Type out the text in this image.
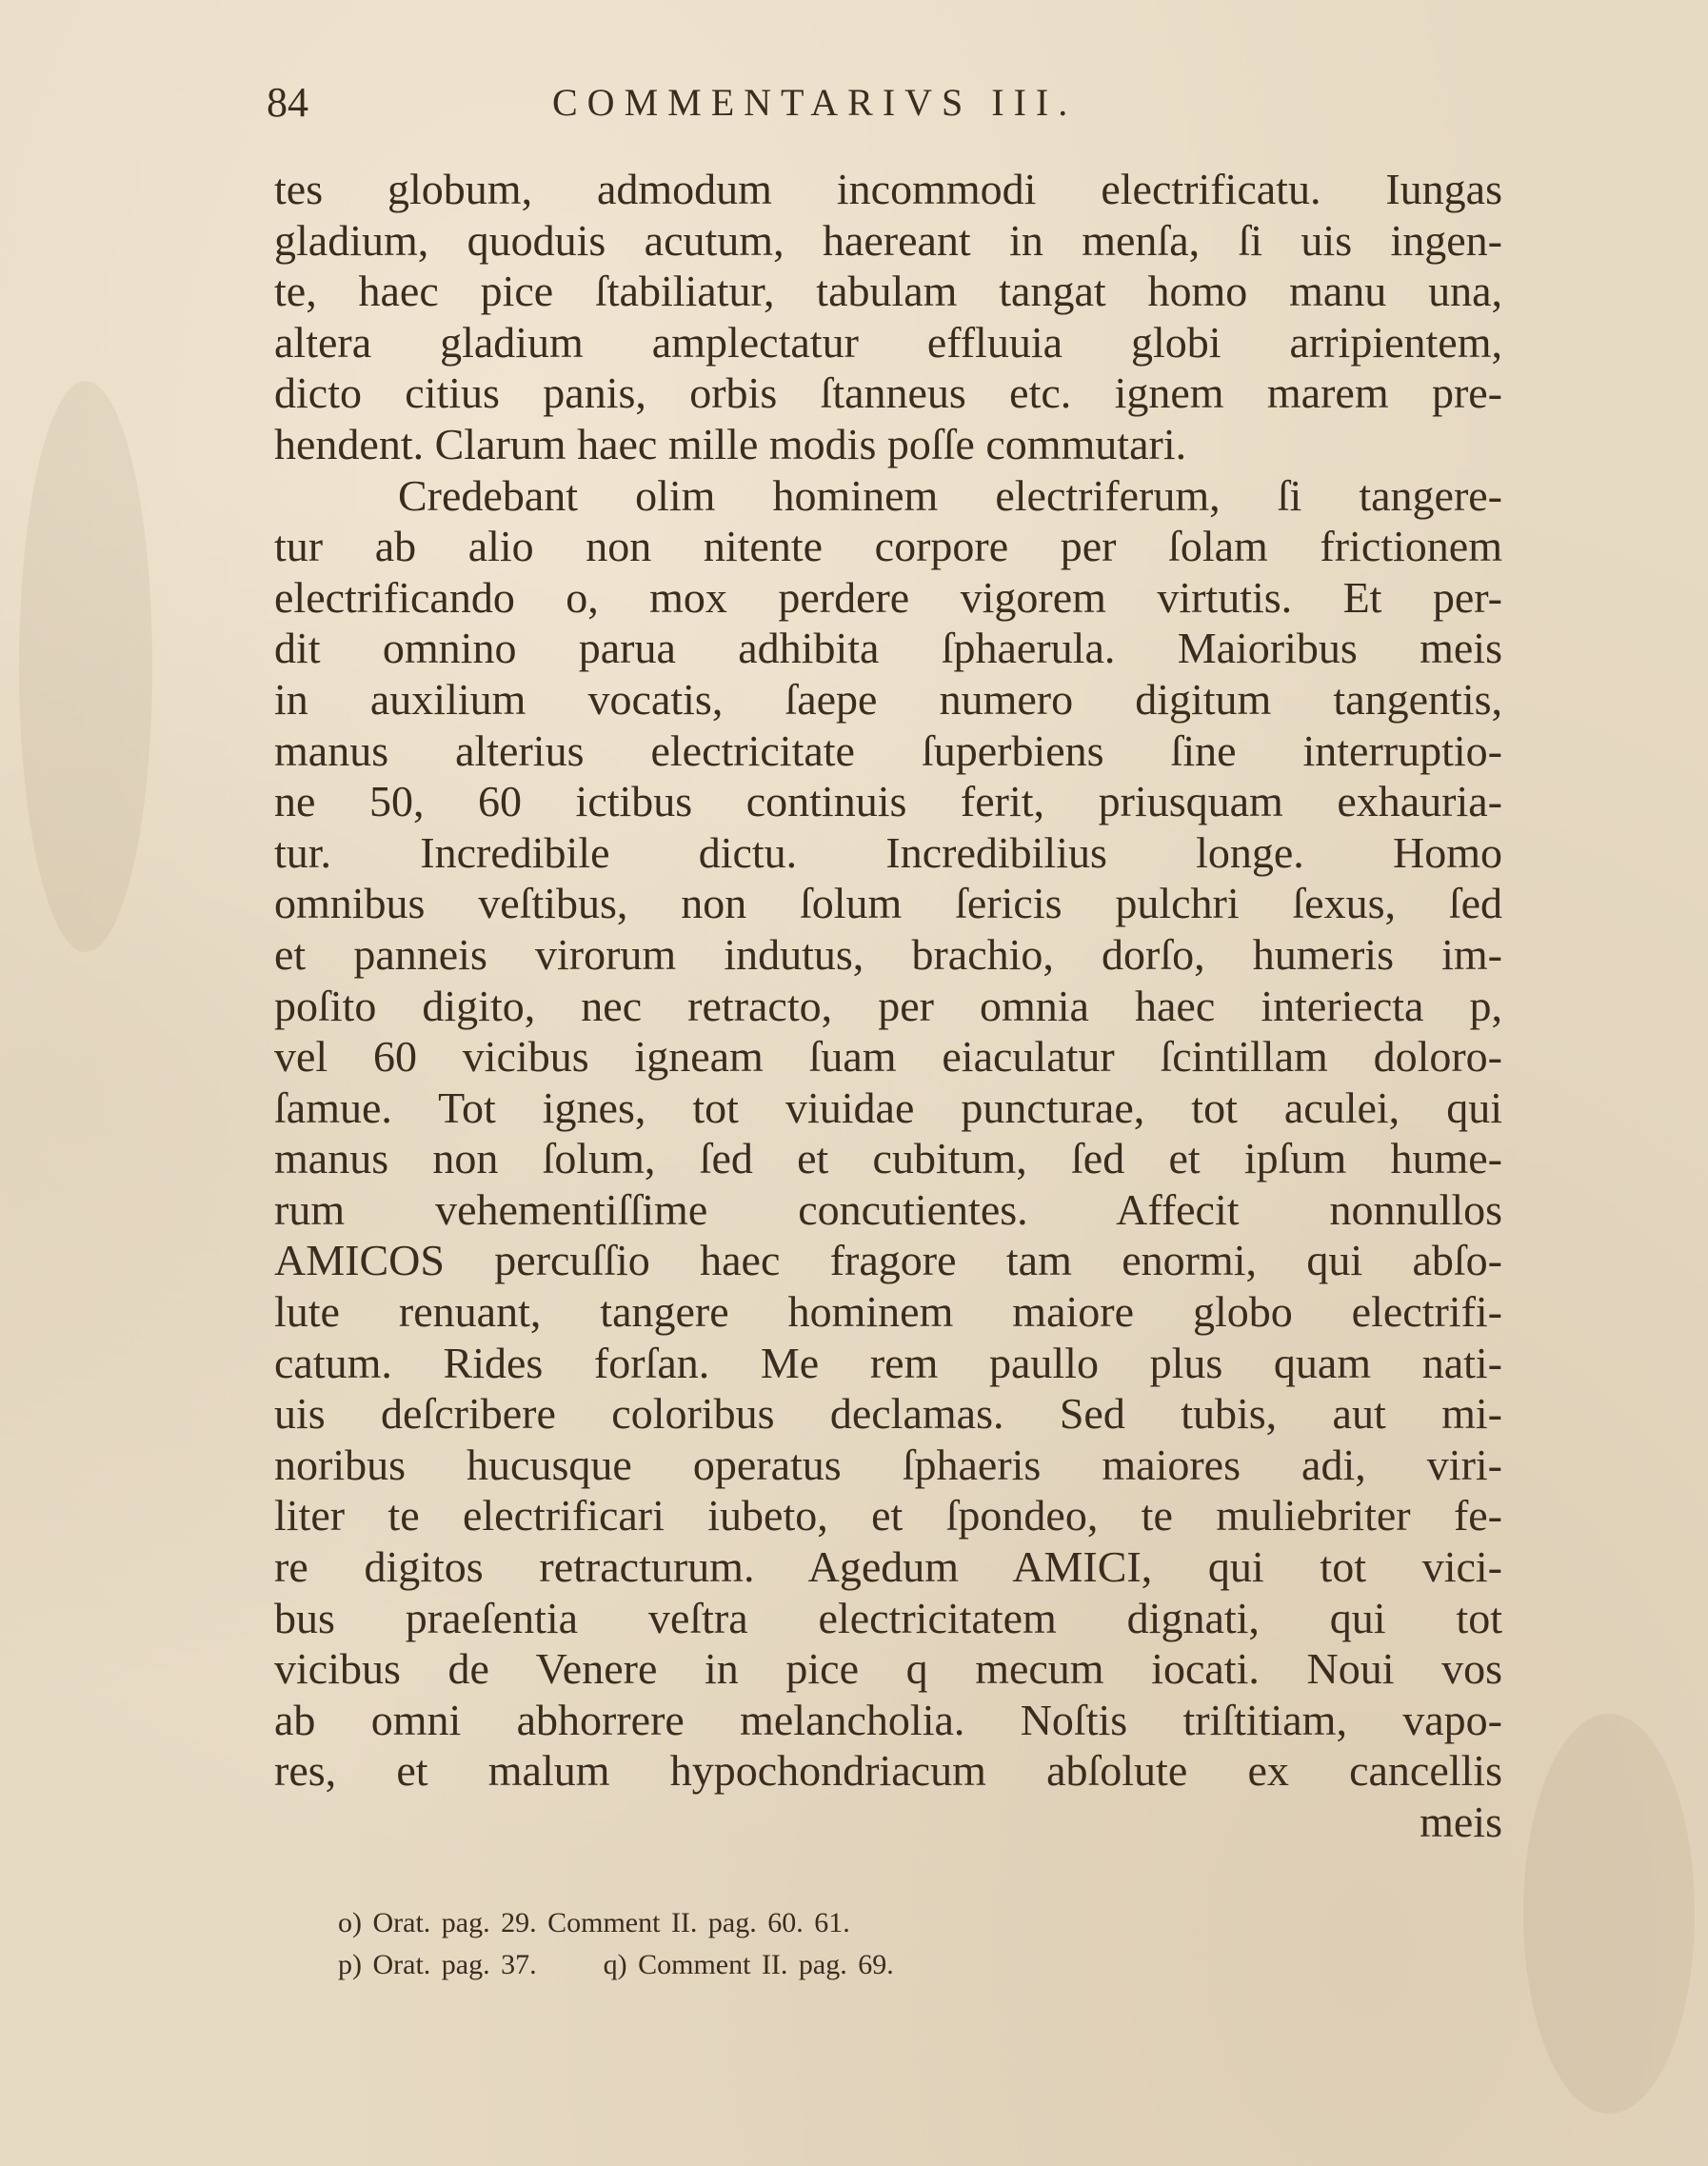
84	COMMENTARIVS III.
tes globum, admodum incommodi electrificatu. Iungas
gladium, quoduis acutum, haereant in menſa, ſi uis ingen-
te, haec pice ſtabiliatur, tabulam tangat homo manu una,
altera gladium amplectatur effluuia globi arripientem,
dicto citius panis, orbis ſtanneus etc. ignem marem pre-
hendent. Clarum haec mille modis poſſe commutari.
Credebant olim hominem electriferum, ſi tangere-
tur ab alio non nitente corpore per ſolam frictionem
electrificando o, mox perdere vigorem virtutis. Et per-
dit omnino parua adhibita ſphaerula. Maioribus meis
in auxilium vocatis, ſaepe numero digitum tangentis,
manus alterius electricitate ſuperbiens ſine interruptio-
ne 50, 60 ictibus continuis ferit, priusquam exhauria-
tur. Incredibile dictu. Incredibilius longe. Homo
omnibus veſtibus, non ſolum ſericis pulchri ſexus, ſed
et panneis virorum indutus, brachio, dorſo, humeris im-
poſito digito, nec retracto, per omnia haec interiecta p,
vel 60 vicibus igneam ſuam eiaculatur ſcintillam doloro-
ſamue. Tot ignes, tot viuidae puncturae, tot aculei, qui
manus non ſolum, ſed et cubitum, ſed et ipſum hume-
rum vehementiſſime concutientes. Affecit nonnullos
AMICOS percuſſio haec fragore tam enormi, qui abſo-
lute renuant, tangere hominem maiore globo electrifi-
catum. Rides forſan. Me rem paullo plus quam nati-
uis deſcribere coloribus declamas. Sed tubis, aut mi-
noribus hucusque operatus ſphaeris maiores adi, viri-
liter te electrificari iubeto, et ſpondeo, te muliebriter fe-
re digitos retracturum. Agedum AMICI, qui tot vici-
bus praeſentia veſtra electricitatem dignati, qui tot
vicibus de Venere in pice q mecum iocati. Noui vos
ab omni abhorrere melancholia. Noſtis triſtitiam, vapo-
res, et malum hypochondriacum abſolute ex cancellis
meis
o) Orat. pag. 29. Comment II. pag. 60. 61.
p) Orat. pag. 37. q) Comment II. pag. 69.
